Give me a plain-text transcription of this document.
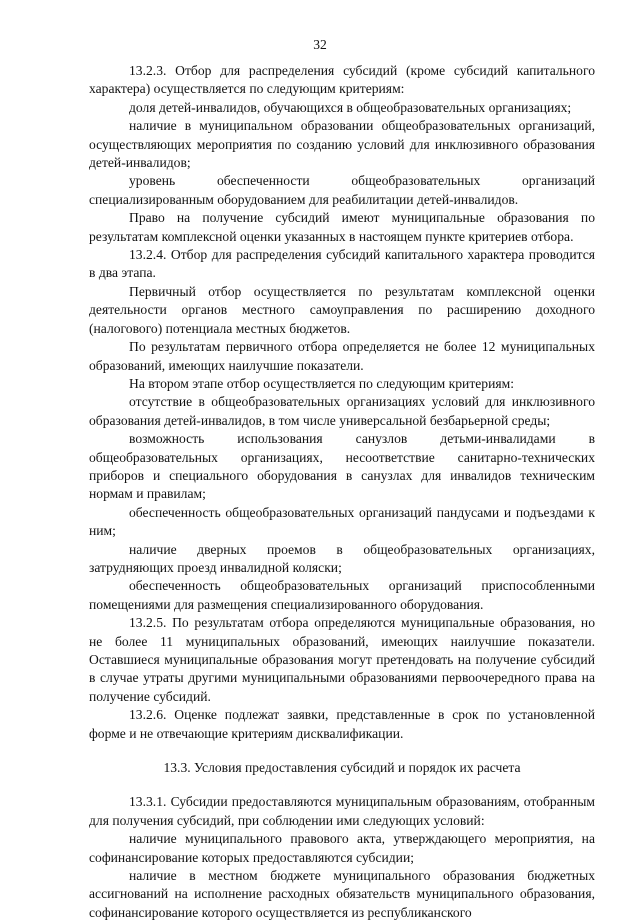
32

13.2.3. Отбор для распределения субсидий (кроме субсидий капитального характера) осуществляется по следующим критериям:

доля детей-инвалидов, обучающихся в общеобразовательных организациях;

наличие в муниципальном образовании общеобразовательных организаций, осуществляющих мероприятия по созданию условий для инклюзивного образования детей-инвалидов;

уровень обеспеченности общеобразовательных организаций специализированным оборудованием для реабилитации детей-инвалидов.

Право на получение субсидий имеют муниципальные образования по результатам комплексной оценки указанных в настоящем пункте критериев отбора.

13.2.4. Отбор для распределения субсидий капитального характера проводится в два этапа.

Первичный отбор осуществляется по результатам комплексной оценки деятельности органов местного самоуправления по расширению доходного (налогового) потенциала местных бюджетов.

По результатам первичного отбора определяется не более 12 муниципальных образований, имеющих наилучшие показатели.

На втором этапе отбор осуществляется по следующим критериям:

отсутствие в общеобразовательных организациях условий для инклюзивного образования детей-инвалидов, в том числе универсальной безбарьерной среды;

возможность использования санузлов детьми-инвалидами в общеобразовательных организациях, несоответствие санитарно-технических приборов и специального оборудования в санузлах для инвалидов техническим нормам и правилам;

обеспеченность общеобразовательных организаций пандусами и подъездами к ним;

наличие дверных проемов в общеобразовательных организациях, затрудняющих проезд инвалидной коляски;

обеспеченность общеобразовательных организаций приспособленными помещениями для размещения специализированного оборудования.

13.2.5. По результатам отбора определяются муниципальные образования, но не более 11 муниципальных образований, имеющих наилучшие показатели. Оставшиеся муниципальные образования могут претендовать на получение субсидий в случае утраты другими муниципальными образованиями первоочередного права на получение субсидий.

13.2.6. Оценке подлежат заявки, представленные в срок по установленной форме и не отвечающие критериям дисквалификации.

13.3. Условия предоставления субсидий и порядок их расчета

13.3.1. Субсидии предоставляются муниципальным образованиям, отобранным для получения субсидий, при соблюдении ими следующих условий:

наличие муниципального правового акта, утверждающего мероприятия, на софинансирование которых предоставляются субсидии;

наличие в местном бюджете муниципального образования бюджетных ассигнований на исполнение расходных обязательств муниципального образования, софинансирование которого осуществляется из республиканского
